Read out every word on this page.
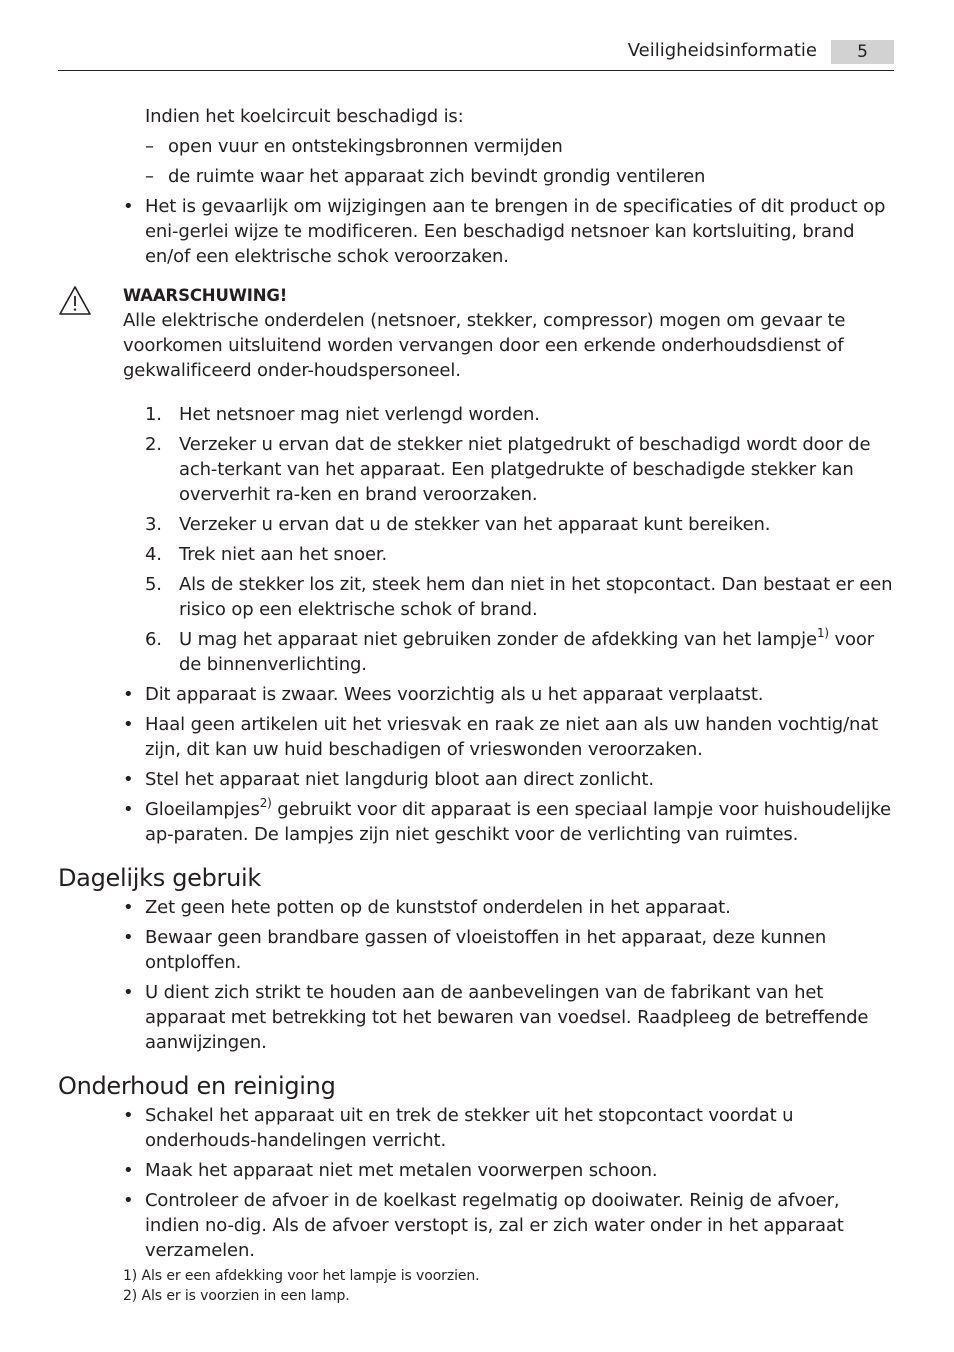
Veiligheidsinformatie	5
Indien het koelcircuit beschadigd is:
– open vuur en ontstekingsbronnen vermijden
– de ruimte waar het apparaat zich bevindt grondig ventileren
• Het is gevaarlijk om wijzigingen aan te brengen in de specificaties of dit product op eni-gerlei wijze te modificeren. Een beschadigd netsnoer kan kortsluiting, brand en/of een elektrische schok veroorzaken.
WAARSCHUWING!
Alle elektrische onderdelen (netsnoer, stekker, compressor) mogen om gevaar te voorkomen uitsluitend worden vervangen door een erkende onderhoudsdienst of gekwalificeerd onder-houdspersoneel.
1. Het netsnoer mag niet verlengd worden.
2. Verzeker u ervan dat de stekker niet platgedrukt of beschadigd wordt door de ach-terkant van het apparaat. Een platgedrukte of beschadigde stekker kan oververhit ra-ken en brand veroorzaken.
3. Verzeker u ervan dat u de stekker van het apparaat kunt bereiken.
4. Trek niet aan het snoer.
5. Als de stekker los zit, steek hem dan niet in het stopcontact. Dan bestaat er een risico op een elektrische schok of brand.
6. U mag het apparaat niet gebruiken zonder de afdekking van het lampje$^{1)}$ voor de binnenverlichting.
• Dit apparaat is zwaar. Wees voorzichtig als u het apparaat verplaatst.
• Haal geen artikelen uit het vriesvak en raak ze niet aan als uw handen vochtig/nat zijn, dit kan uw huid beschadigen of vrieswonden veroorzaken.
• Stel het apparaat niet langdurig bloot aan direct zonlicht.
• Gloeilampjes$^{2)}$ gebruikt voor dit apparaat is een speciaal lampje voor huishoudelijke ap-paraten. De lampjes zijn niet geschikt voor de verlichting van ruimtes.
Dagelijks gebruik
• Zet geen hete potten op de kunststof onderdelen in het apparaat.
• Bewaar geen brandbare gassen of vloeistoffen in het apparaat, deze kunnen ontploffen.
• U dient zich strikt te houden aan de aanbevelingen van de fabrikant van het apparaat met betrekking tot het bewaren van voedsel. Raadpleeg de betreffende aanwijzingen.
Onderhoud en reiniging
• Schakel het apparaat uit en trek de stekker uit het stopcontact voordat u onderhouds-handelingen verricht.
• Maak het apparaat niet met metalen voorwerpen schoon.
• Controleer de afvoer in de koelkast regelmatig op dooiwater. Reinig de afvoer, indien no-dig. Als de afvoer verstopt is, zal er zich water onder in het apparaat verzamelen.
1) Als er een afdekking voor het lampje is voorzien.
2) Als er is voorzien in een lamp.
